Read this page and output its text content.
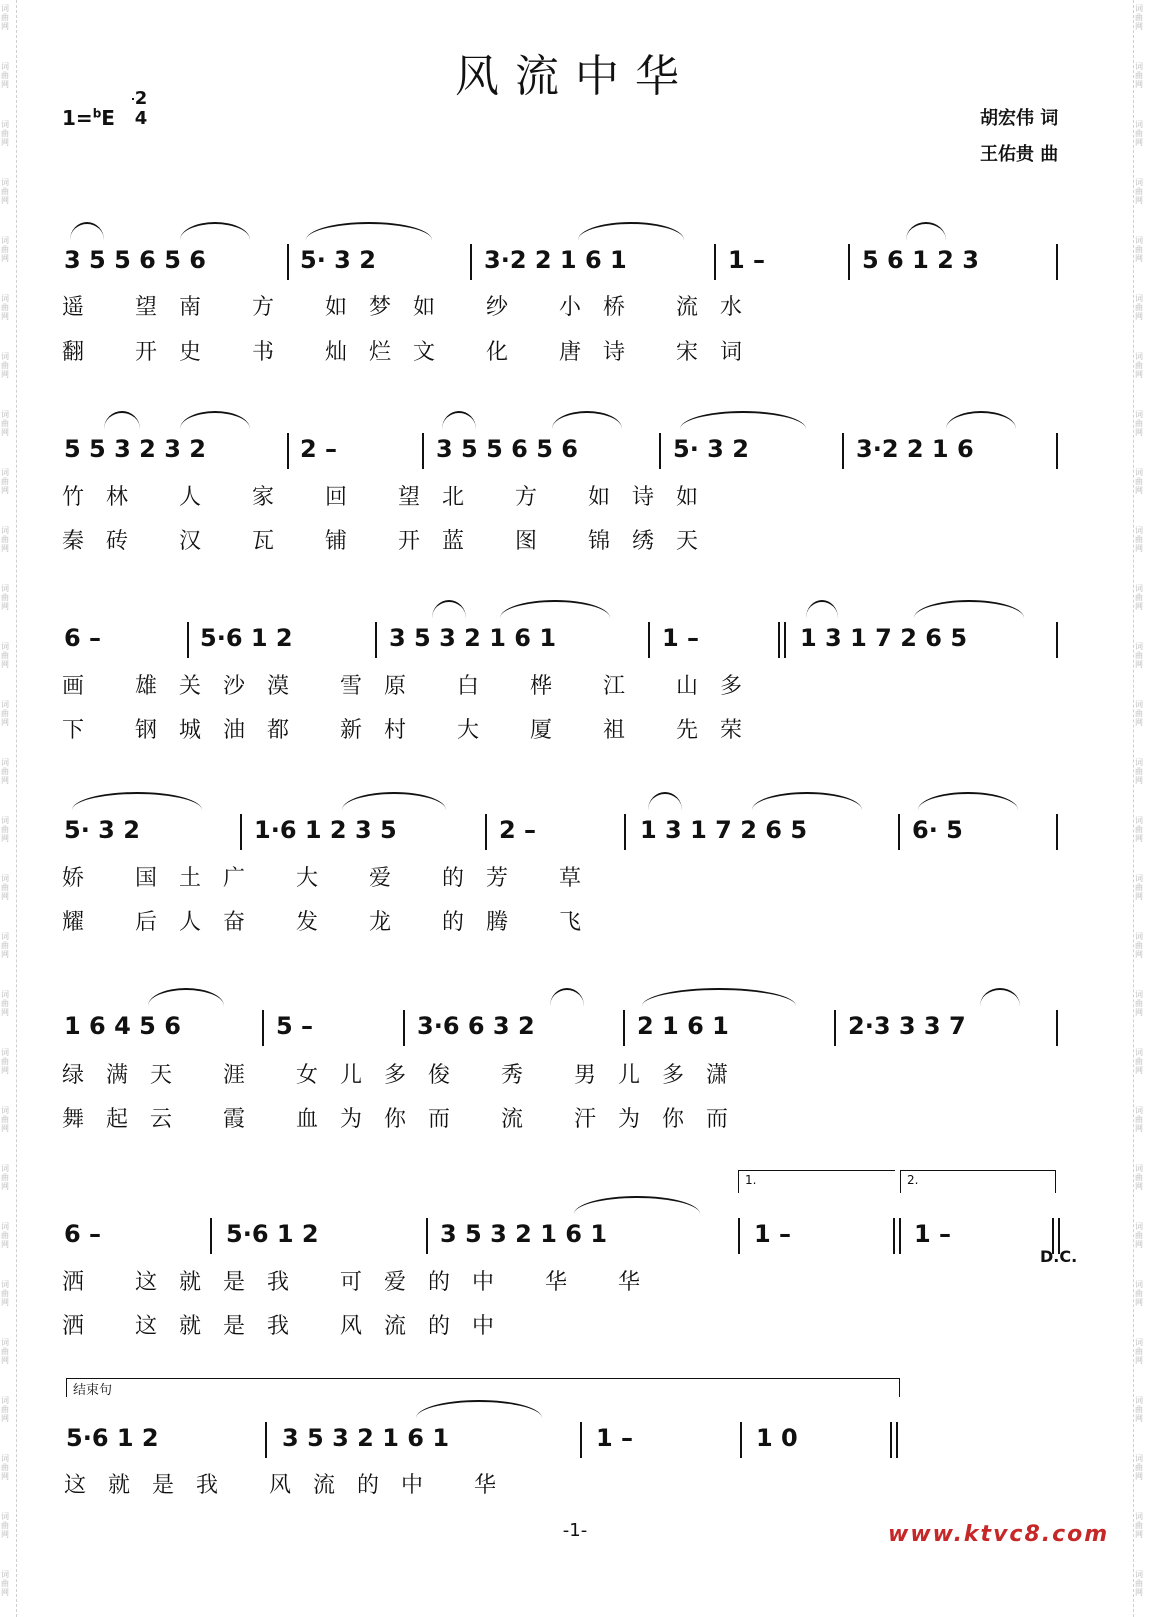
词曲网
词曲网
词曲网
词曲网
词曲网
词曲网
词曲网
词曲网
词曲网
词曲网
词曲网
词曲网
词曲网
词曲网
词曲网
词曲网
词曲网
词曲网
词曲网
词曲网
词曲网
词曲网
词曲网
词曲网
词曲网
词曲网
词曲网
词曲网
词曲网
词曲网
词曲网
词曲网
词曲网
词曲网
词曲网
词曲网
词曲网
词曲网
词曲网
词曲网
词曲网
词曲网
词曲网
词曲网
词曲网
词曲网
词曲网
词曲网
词曲网
词曲网
词曲网
词曲网
词曲网
词曲网
词曲网
词曲网
风流中华
1=$^b$E
2
4	胡宏伟 词
王佑贵 曲
3 5 5 6 5 6	5· 3 2	3·2 2 1 6 1	1 –	5 6 1 2 3
遥 望南 方 如梦如 纱 小桥 流水
翻 开史 书 灿烂文 化 唐诗 宋词
5 5 3 2 3 2	2 –	3 5 5 6 5 6	5· 3 2	3·2 2 1 6
竹林 人 家 回 望北 方 如诗如
秦砖 汉 瓦 铺 开蓝 图 锦绣天
6 –	5·6 1 2	3 5 3 2 1 6 1	1 –	1 3 1 7 2 6 5
画 雄关沙漠 雪原 白 桦 江 山多
下 钢城油都 新村 大 厦 祖 先荣
5· 3 2	1·6 1 2 3 5	2 –	1 3 1 7 2 6 5	6· 5
娇 国土广 大 爱 的芳 草
耀 后人奋 发 龙 的腾 飞
1 6 4 5 6	5 –	3·6 6 3 2	2 1 6 1	2·3 3 3 7
绿满天 涯 女儿多俊 秀 男儿多潇
舞起云 霞 血为你而 流 汗为你而
1.	2.
6 –	5·6 1 2	3 5 3 2 1 6 1	1 –	1 –
D.C.
洒 这就是我 可爱的中 华 华
洒 这就是我 风流的中
结束句
5·6 1 2	3 5 3 2 1 6 1	1 –	1 0
这就是我 风流的中 华
-1-	www.ktvc8.com
